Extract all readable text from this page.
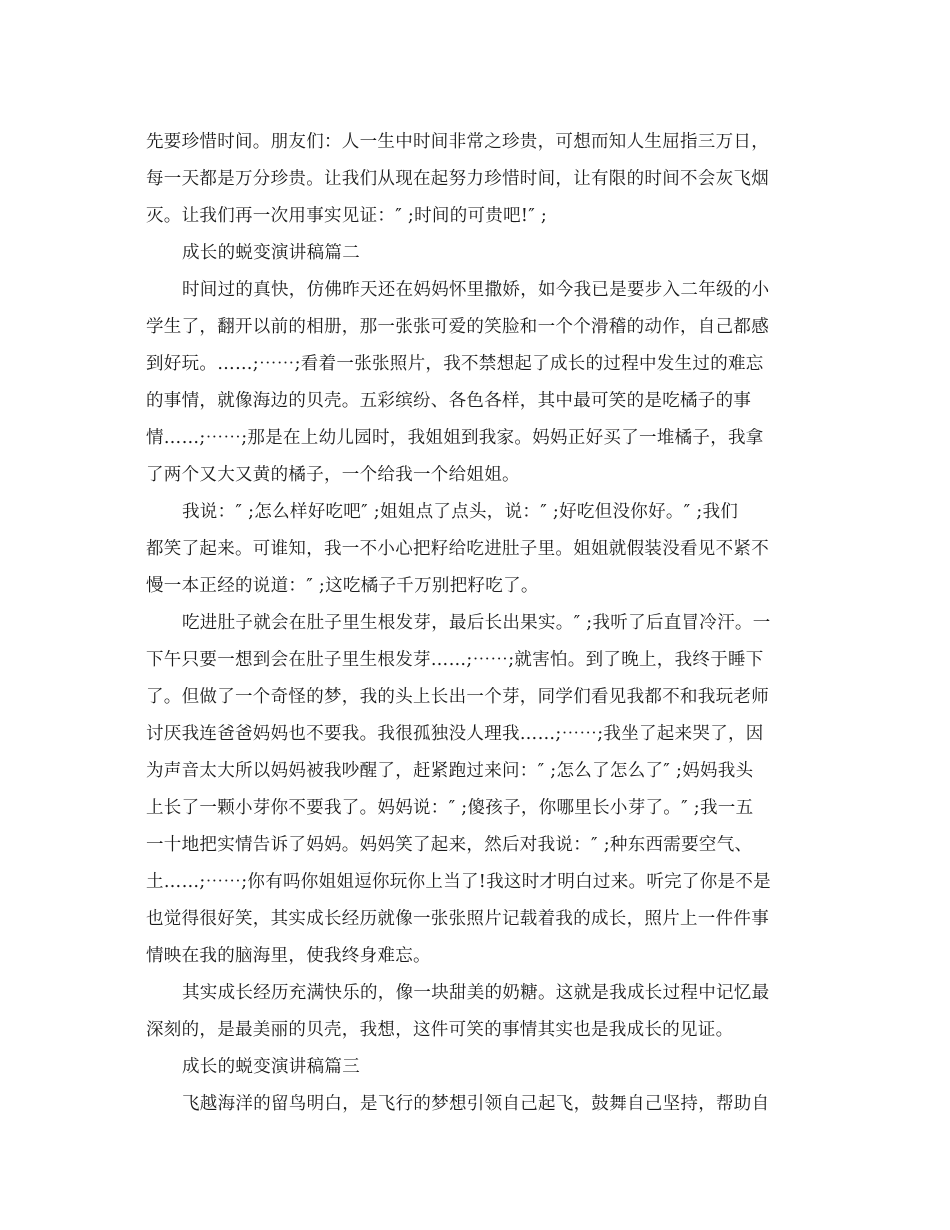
先要珍惜时间。朋友们：人一生中时间非常之珍贵，可想而知人生屈指三万日，
每一天都是万分珍贵。让我们从现在起努力珍惜时间，让有限的时间不会灰飞烟
灭。让我们再一次用事实见证：″ ;时间的可贵吧!″ ;
成长的蜕变演讲稿篇二
时间过的真快，仿佛昨天还在妈妈怀里撒娇，如今我已是要步入二年级的小
学生了，翻开以前的相册，那一张张可爱的笑脸和一个个滑稽的动作，自己都感
到好玩。……;⋯⋯;看着一张张照片，我不禁想起了成长的过程中发生过的难忘
的事情，就像海边的贝壳。五彩缤纷、各色各样，其中最可笑的是吃橘子的事
情……;⋯⋯;那是在上幼儿园时，我姐姐到我家。妈妈正好买了一堆橘子，我拿
了两个又大又黄的橘子，一个给我一个给姐姐。
我说：″ ;怎么样好吃吧″ ;姐姐点了点头，说：″ ;好吃但没你好。″ ;我们
都笑了起来。可谁知，我一不小心把籽给吃进肚子里。姐姐就假装没看见不紧不
慢一本正经的说道：″ ;这吃橘子千万别把籽吃了。
吃进肚子就会在肚子里生根发芽，最后长出果实。″ ;我听了后直冒冷汗。一
下午只要一想到会在肚子里生根发芽……;⋯⋯;就害怕。到了晚上，我终于睡下
了。但做了一个奇怪的梦，我的头上长出一个芽，同学们看见我都不和我玩老师
讨厌我连爸爸妈妈也不要我。我很孤独没人理我……;⋯⋯;我坐了起来哭了，因
为声音太大所以妈妈被我吵醒了，赶紧跑过来问：″ ;怎么了怎么了″ ;妈妈我头
上长了一颗小芽你不要我了。妈妈说：″ ;傻孩子，你哪里长小芽了。″ ;我一五
一十地把实情告诉了妈妈。妈妈笑了起来，然后对我说：″ ;种东西需要空气、
土……;⋯⋯;你有吗你姐姐逗你玩你上当了!我这时才明白过来。听完了你是不是
也觉得很好笑，其实成长经历就像一张张照片记载着我的成长，照片上一件件事
情映在我的脑海里，使我终身难忘。
其实成长经历充满快乐的，像一块甜美的奶糖。这就是我成长过程中记忆最
深刻的，是最美丽的贝壳，我想，这件可笑的事情其实也是我成长的见证。
成长的蜕变演讲稿篇三
飞越海洋的留鸟明白，是飞行的梦想引领自己起飞，鼓舞自己坚持，帮助自
